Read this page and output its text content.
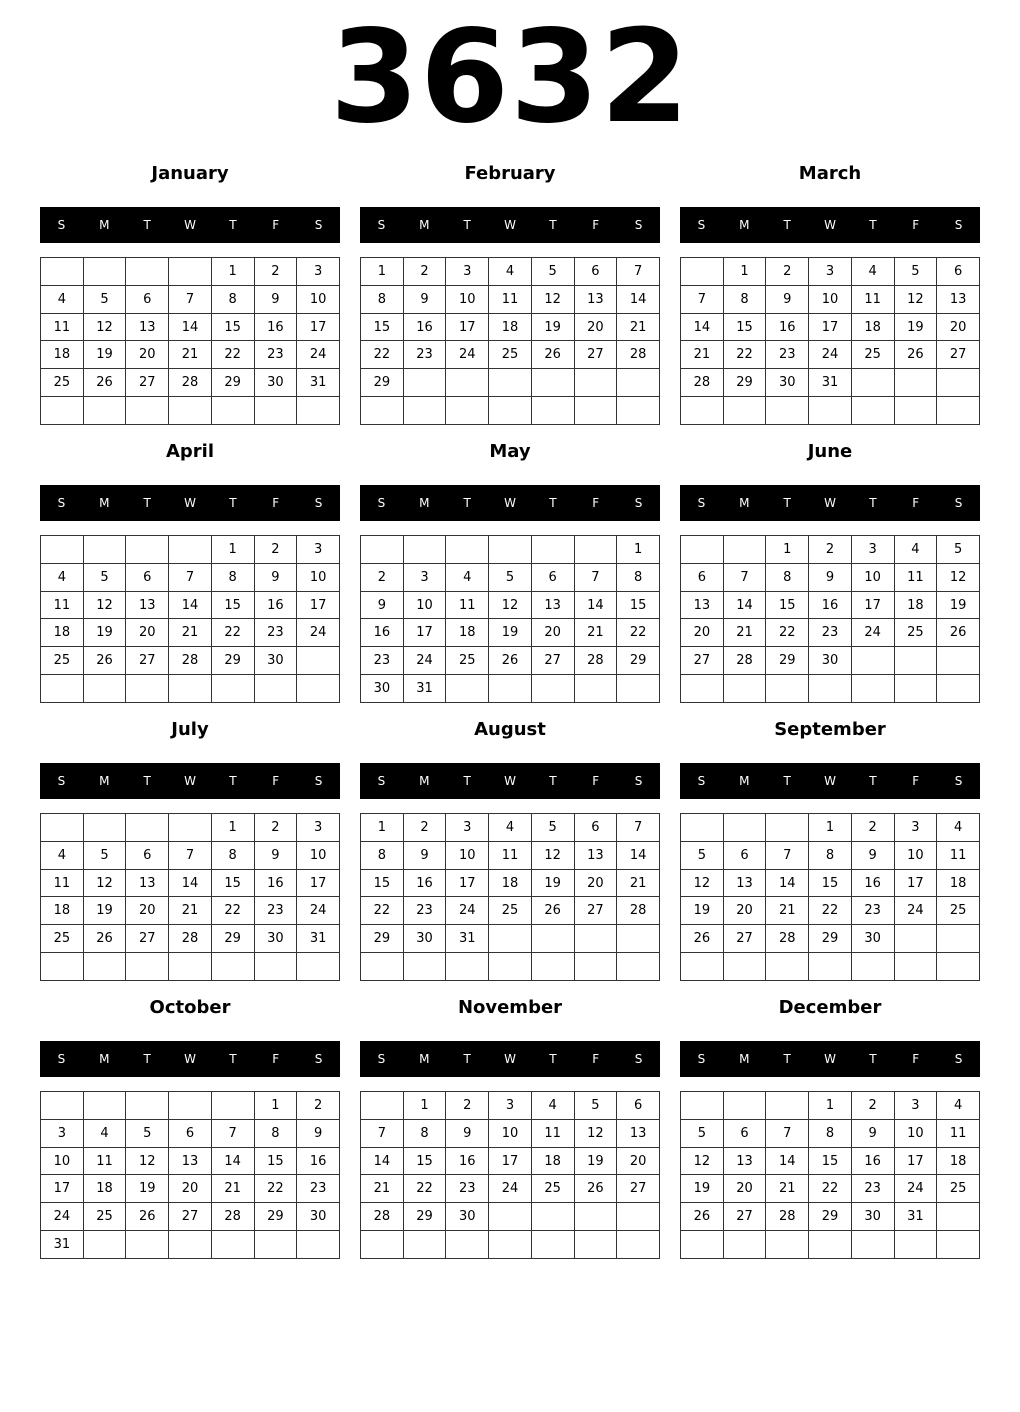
3632
January
S	M	T	W	T	F	S
				1	2	3
4	5	6	7	8	9	10
11	12	13	14	15	16	17
18	19	20	21	22	23	24
25	26	27	28	29	30	31

February
S	M	T	W	T	F	S
1	2	3	4	5	6	7
8	9	10	11	12	13	14
15	16	17	18	19	20	21
22	23	24	25	26	27	28
29						

March
S	M	T	W	T	F	S
	1	2	3	4	5	6
7	8	9	10	11	12	13
14	15	16	17	18	19	20
21	22	23	24	25	26	27
28	29	30	31			

April
S	M	T	W	T	F	S
				1	2	3
4	5	6	7	8	9	10
11	12	13	14	15	16	17
18	19	20	21	22	23	24
25	26	27	28	29	30	

May
S	M	T	W	T	F	S
						1
2	3	4	5	6	7	8
9	10	11	12	13	14	15
16	17	18	19	20	21	22
23	24	25	26	27	28	29
30	31					
June
S	M	T	W	T	F	S
		1	2	3	4	5
6	7	8	9	10	11	12
13	14	15	16	17	18	19
20	21	22	23	24	25	26
27	28	29	30			

July
S	M	T	W	T	F	S
				1	2	3
4	5	6	7	8	9	10
11	12	13	14	15	16	17
18	19	20	21	22	23	24
25	26	27	28	29	30	31

August
S	M	T	W	T	F	S
1	2	3	4	5	6	7
8	9	10	11	12	13	14
15	16	17	18	19	20	21
22	23	24	25	26	27	28
29	30	31				

September
S	M	T	W	T	F	S
			1	2	3	4
5	6	7	8	9	10	11
12	13	14	15	16	17	18
19	20	21	22	23	24	25
26	27	28	29	30		

October
S	M	T	W	T	F	S
					1	2
3	4	5	6	7	8	9
10	11	12	13	14	15	16
17	18	19	20	21	22	23
24	25	26	27	28	29	30
31						
November
S	M	T	W	T	F	S
	1	2	3	4	5	6
7	8	9	10	11	12	13
14	15	16	17	18	19	20
21	22	23	24	25	26	27
28	29	30				

December
S	M	T	W	T	F	S
			1	2	3	4
5	6	7	8	9	10	11
12	13	14	15	16	17	18
19	20	21	22	23	24	25
26	27	28	29	30	31	
